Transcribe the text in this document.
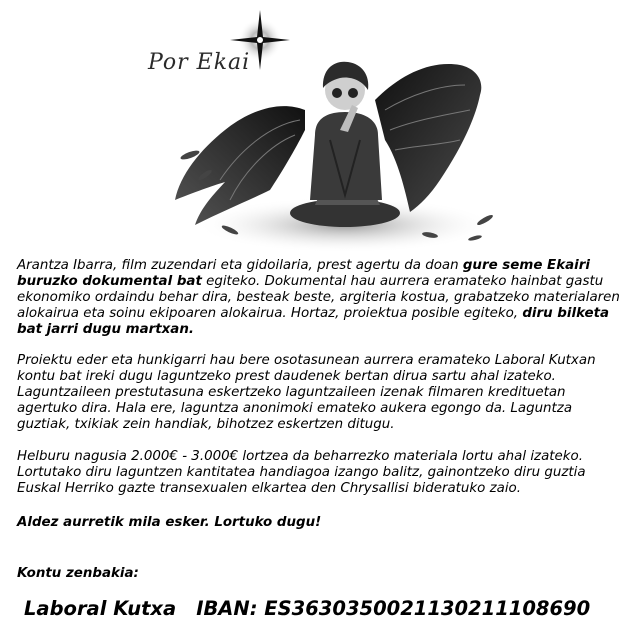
Por Ekai
Arantza Ibarra, film zuzendari eta gidoilaria, prest agertu da doan gure seme Ekairi buruzko dokumental bat egiteko. Dokumental hau aurrera eramateko hainbat gastu ekonomiko ordaindu behar dira, besteak beste, argiteria kostua, grabatzeko materialaren alokairua eta soinu ekipoaren alokairua. Hortaz, proiektua posible egiteko, diru bilketa bat jarri dugu martxan.
Proiektu eder eta hunkigarri hau bere osotasunean aurrera eramateko Laboral Kutxan kontu bat ireki dugu laguntzeko prest daudenek bertan dirua sartu ahal izateko. Laguntzaileen prestutasuna eskertzeko laguntzaileen izenak filmaren kredituetan agertuko dira. Hala ere, laguntza anonimoki emateko aukera egongo da. Laguntza guztiak, txikiak zein handiak, bihotzez eskertzen ditugu.
Helburu nagusia 2.000€ - 3.000€ lortzea da beharrezko materiala lortu ahal izateko. Lortutako diru laguntzen kantitatea handiagoa izango balitz, gainontzeko diru guztia Euskal Herriko gazte transexualen elkartea den Chrysallisi bideratuko zaio.
Aldez aurretik mila esker. Lortuko dugu!
Kontu zenbakia:
Laboral Kutxa IBAN: ES3630350021130211108690
